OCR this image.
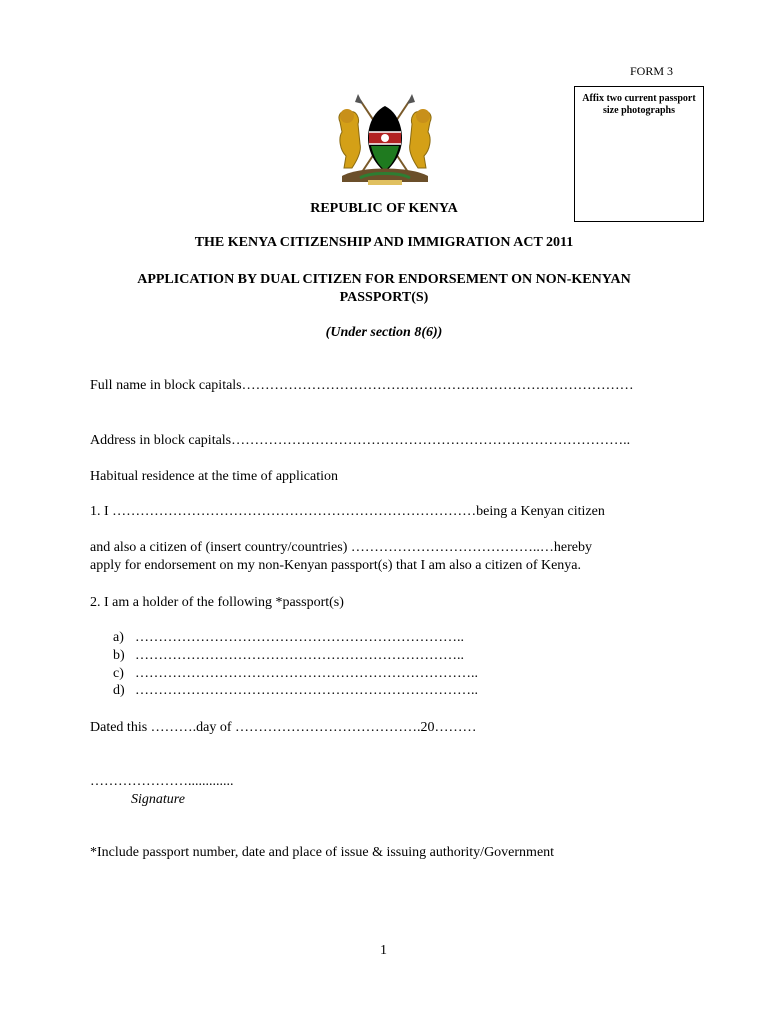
FORM 3
Affix two current passport size photographs
REPUBLIC OF KENYA
THE KENYA CITIZENSHIP AND IMMIGRATION ACT 2011
APPLICATION BY DUAL CITIZEN FOR ENDORSEMENT ON NON-KENYAN
PASSPORT(S)
(Under section 8(6))
Full name in block capitals…………………………………………………………………………
Address in block capitals…………………………………………………………………………..
Habitual residence at the time of application
1. I ……………………………………………………………………being a Kenyan citizen
and also a citizen of (insert country/countries) …………………………………..…hereby
apply for endorsement on my non-Kenyan passport(s) that I am also a citizen of Kenya.
2. I am a holder of the following *passport(s)
a) ……………………………………………………………..
b) ……………………………………………………………..
c) ………………………………………………………………..
d) ………………………………………………………………..
Dated this ……….day of ………………………………….20………
………………….............
Signature
*Include passport number, date and place of issue & issuing authority/Government
1
